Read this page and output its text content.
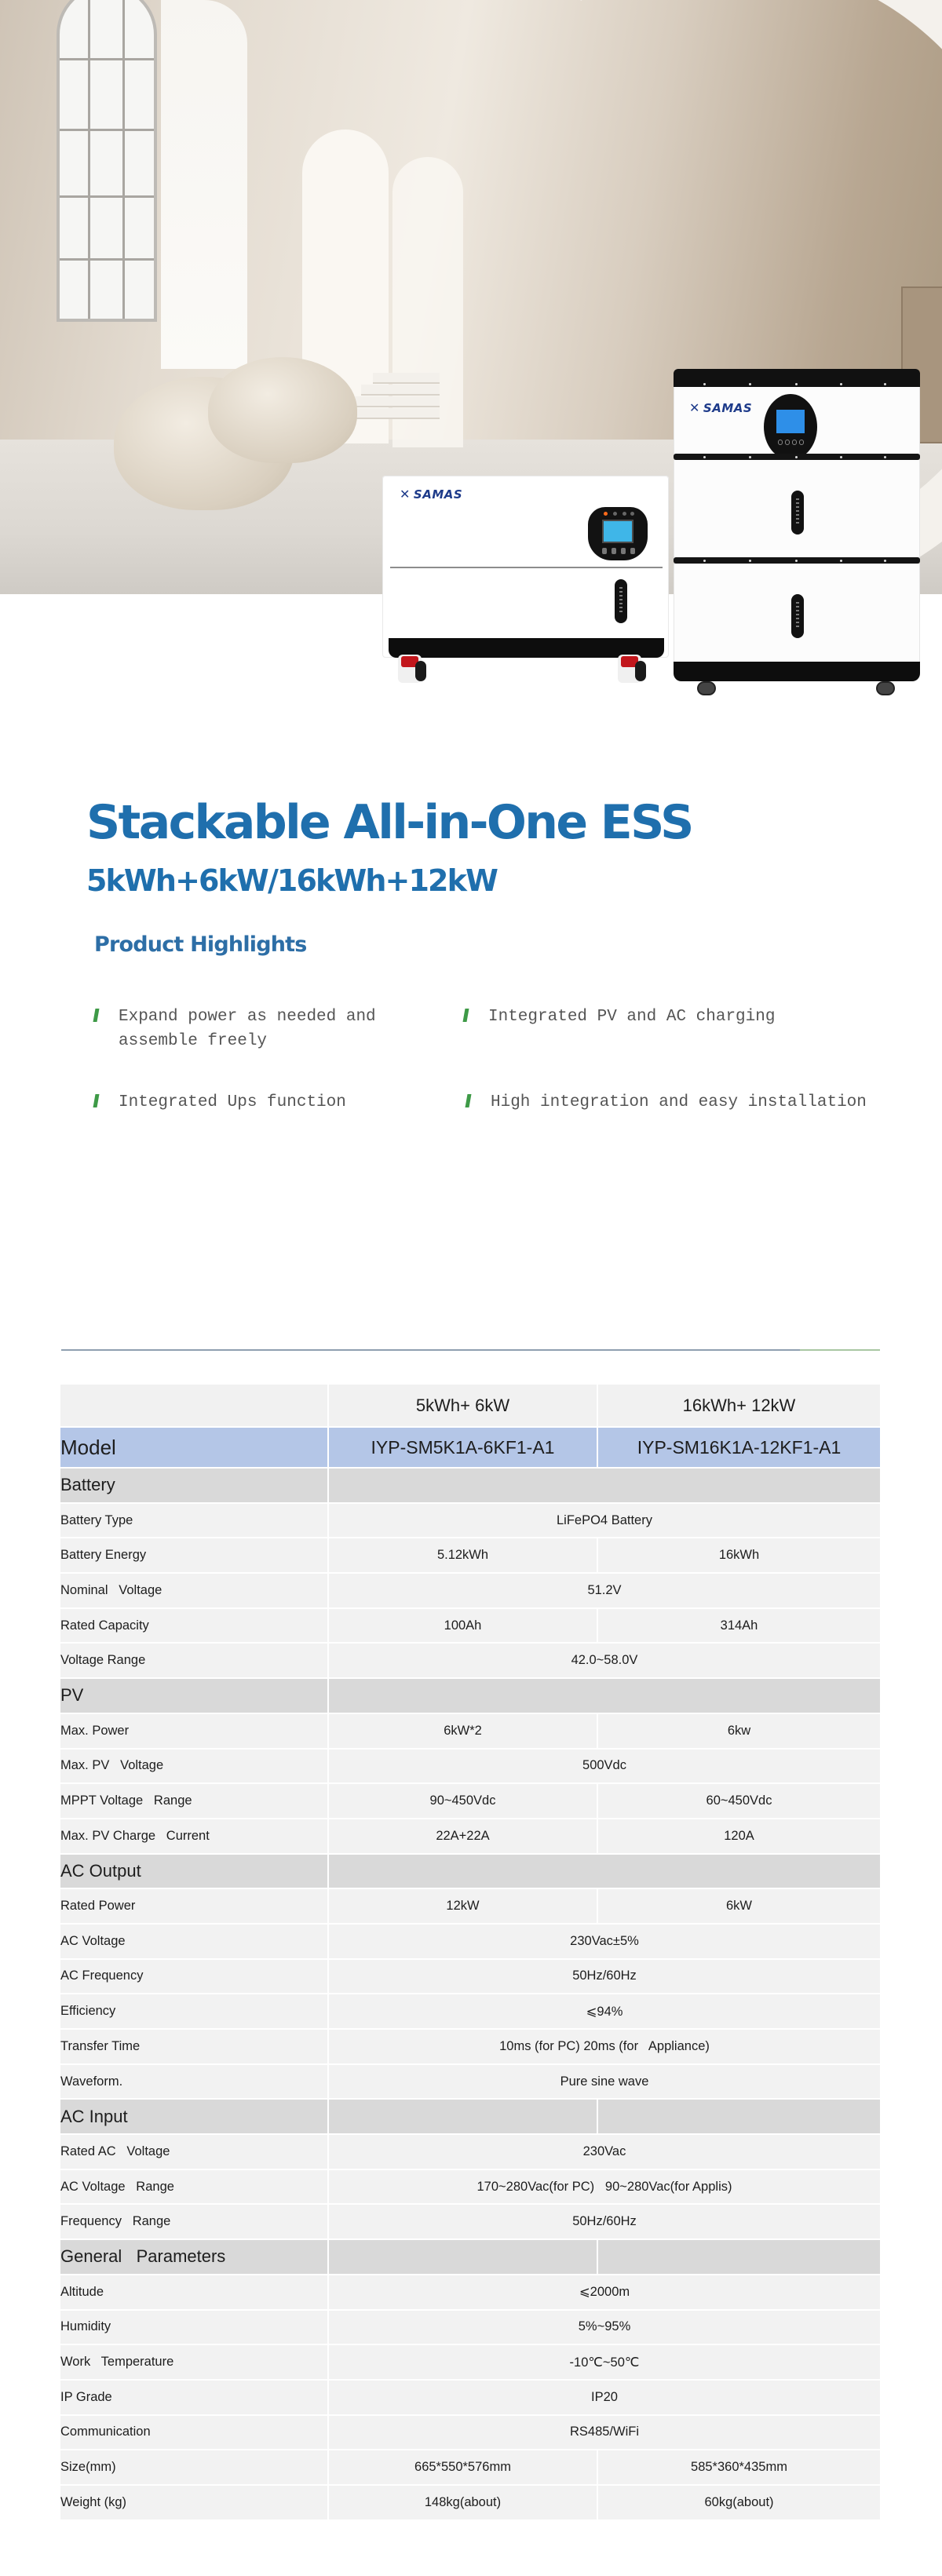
✕ SAMAS
✕ SAMAS
Stackable All-in-One ESS
5kWh+6kW/16kWh+12kW
Product Highlights
Expand power as needed and assemble freely
Integrated PV and AC charging
Integrated Ups function	High integration and easy installation
	5kWh+ 6kW	16kWh+ 12kW
Model	IYP-SM5K1A-6KF1-A1	IYP-SM16K1A-12KF1-A1
Battery		
Battery Type	LiFePO4 Battery	
Battery Energy	5.12kWh	16kWh
Nominal   Voltage	51.2V	
Rated Capacity	100Ah	314Ah
Voltage Range	42.0~58.0V	
PV		
Max. Power	6kW*2	6kw
Max. PV   Voltage	500Vdc	
MPPT Voltage   Range	90~450Vdc	60~450Vdc
Max. PV Charge   Current	22A+22A	120A
AC Output		
Rated Power	12kW	6kW
AC Voltage	230Vac±5%	
AC Frequency	50Hz/60Hz	
Efficiency	⩽94%	
Transfer Time	10ms (for PC) 20ms (for   Appliance)	
Waveform.	Pure sine wave	
AC Input		
Rated AC   Voltage	230Vac	
AC Voltage   Range	170~280Vac(for PC)   90~280Vac(for Applis)	
Frequency   Range	50Hz/60Hz	
General   Parameters		
Altitude	⩽2000m	
Humidity	5%~95%	
Work   Temperature	-10℃~50℃	
IP Grade	IP20	
Communication	RS485/WiFi	
Size(mm)	665*550*576mm	585*360*435mm
Weight (kg)	148kg(about)	60kg(about)
